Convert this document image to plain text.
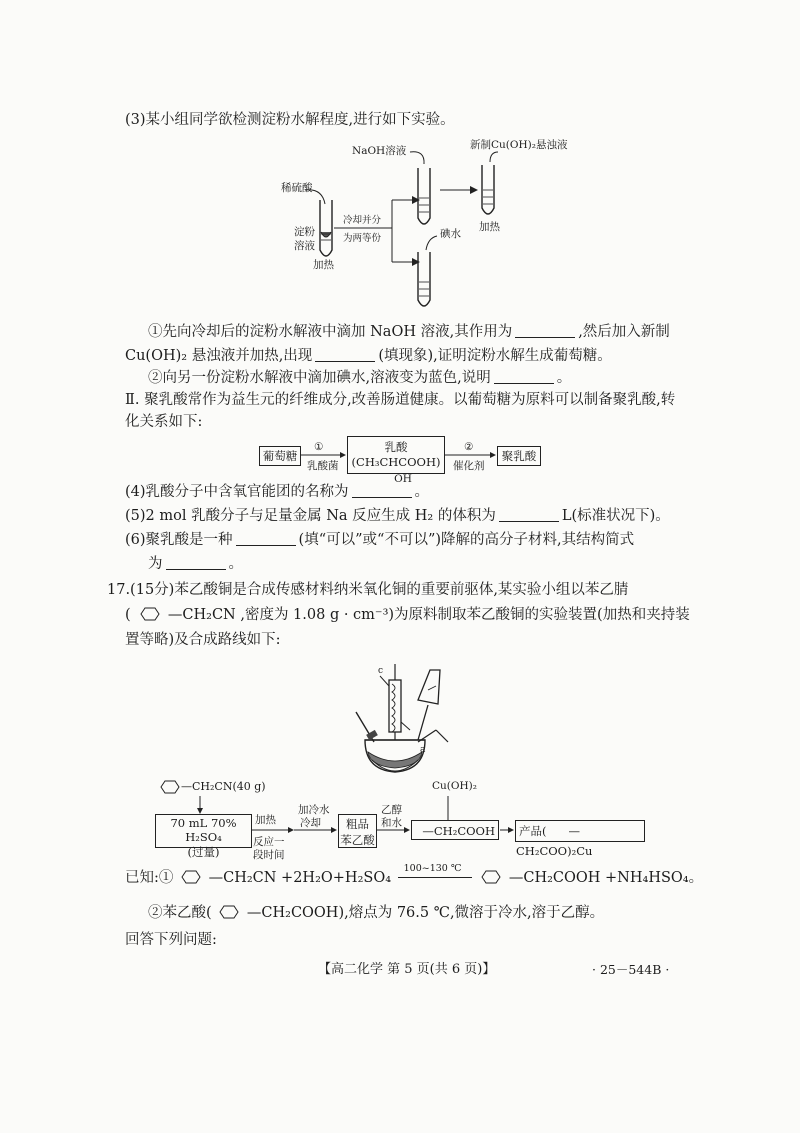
(3)某小组同学欲检测淀粉水解程度,进行如下实验。
NaOH溶液	新制Cu(OH)₂悬浊液
稀硫酸
淀粉
溶液
加热
冷却并分
为两等份	碘水
加热
①先向冷却后的淀粉水解液中滴加 NaOH 溶液,其作用为	,然后加入新制
Cu(OH)₂ 悬浊液并加热,出现	(填现象),证明淀粉水解生成葡萄糖。
②向另一份淀粉水解液中滴加碘水,溶液变为蓝色,说明	。
Ⅱ. 聚乳酸常作为益生元的纤维成分,改善肠道健康。以葡萄糖为原料可以制备聚乳酸,转
化关系如下:
葡萄糖
①
乳酸菌
乳酸(CH₃CHCOOH)
OH
②
催化剂
聚乳酸
(4)乳酸分子中含氧官能团的名称为	。
(5)2 mol 乳酸分子与足量金属 Na 反应生成 H₂ 的体积为	L(标准状况下)。
(6)聚乳酸是一种	(填“可以”或“不可以”)降解的高分子材料,其结构简式
为	。
17.(15分)苯乙酸铜是合成传感材料纳米氧化铜的重要前驱体,某实验小组以苯乙腈
(	—CH₂CN ,密度为 1.08 g · cm⁻³)为原料制取苯乙酸铜的实验装置(加热和夹持装
置等略)及合成路线如下:
c
a
—CH₂CN(40 g)
70 mL 70% H₂SO₄
(过量)
加热
反应一
段时间
加冷水
冷却	粗品
苯乙酸
乙醇
和水
—CH₂COOH
Cu(OH)₂
产品( —CH₂COO)₂Cu
已知:① —CH₂CN +2H₂O+H₂SO₄
100~130 ℃
—CH₂COOH +NH₄HSO₄。
②苯乙酸( —CH₂COOH),熔点为 76.5 ℃,微溶于冷水,溶于乙醇。
回答下列问题:
【高二化学 第 5 页(共 6 页)】	· 25－544B ·
